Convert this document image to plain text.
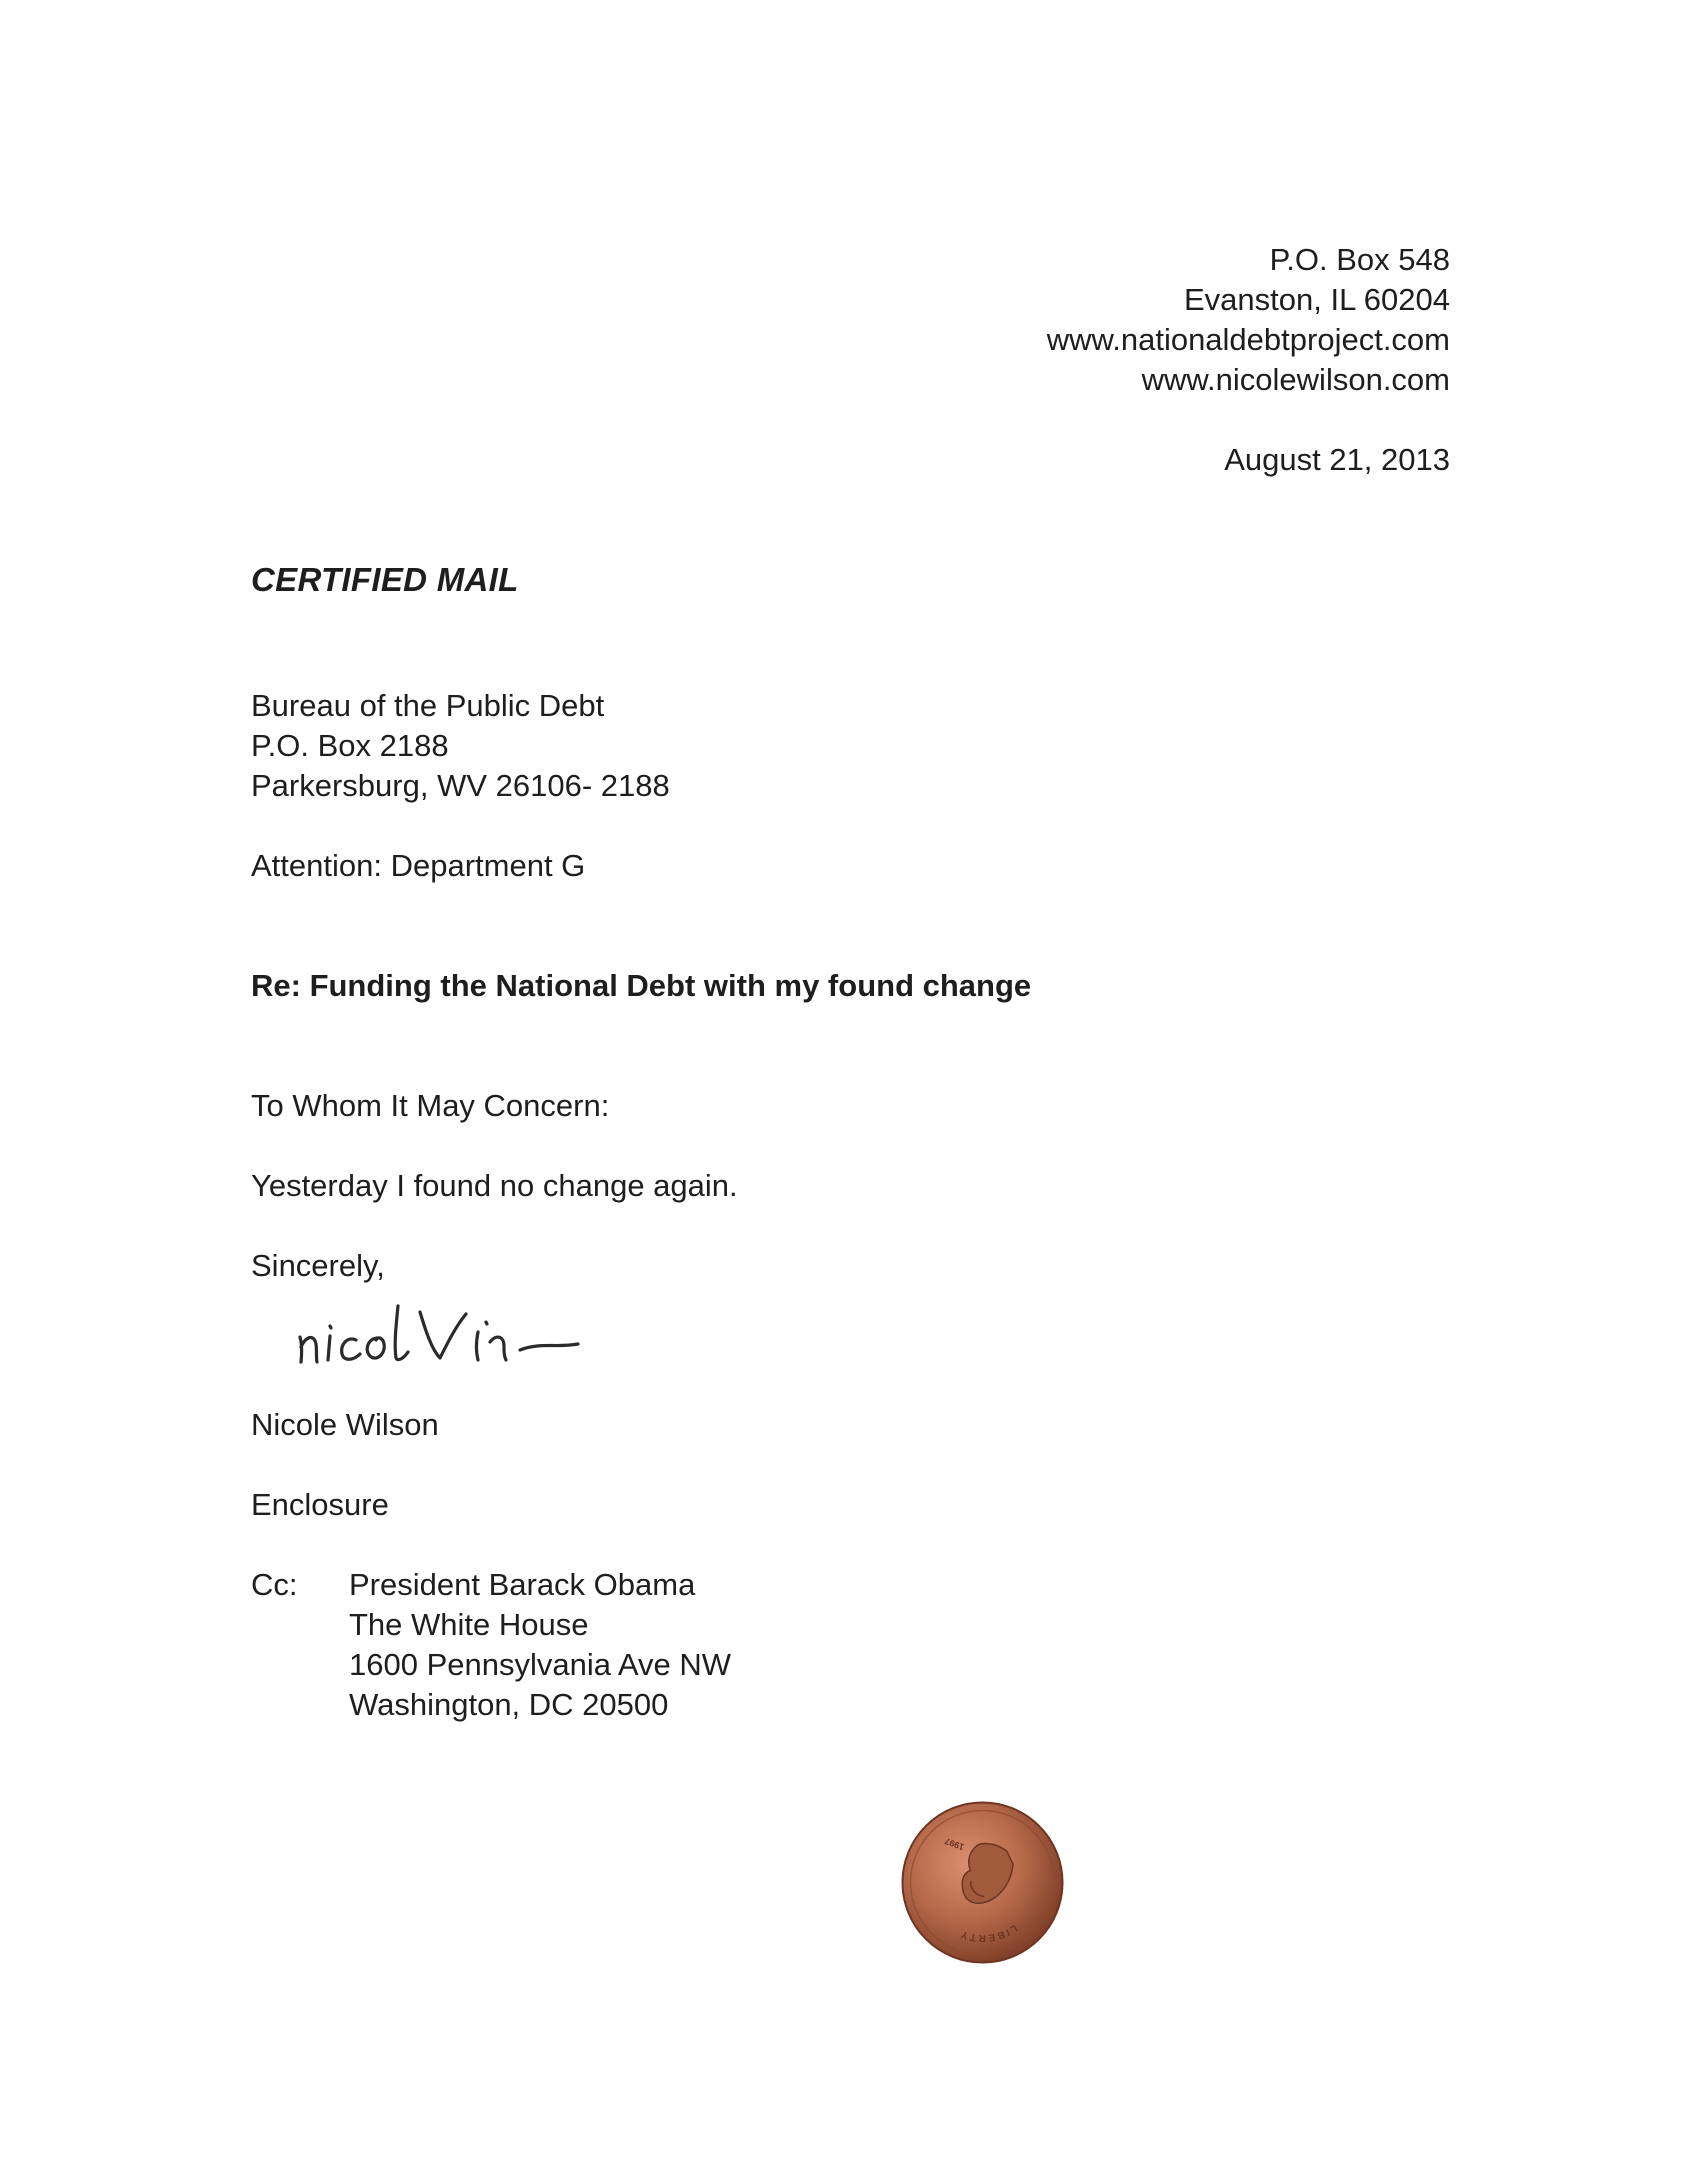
P.O. Box 548
Evanston, IL 60204
www.nationaldebtproject.com
www.nicolewilson.com
August 21, 2013
CERTIFIED MAIL
Bureau of the Public Debt
P.O. Box 2188
Parkersburg, WV 26106- 2188
Attention: Department G
Re: Funding the National Debt with my found change
To Whom It May Concern:
Yesterday I found no change again.
Sincerely,
Nicole Wilson
Enclosure
Cc: President Barack Obama
The White House
1600 Pennsylvania Ave NW
Washington, DC 20500
LIBERTY
1997
